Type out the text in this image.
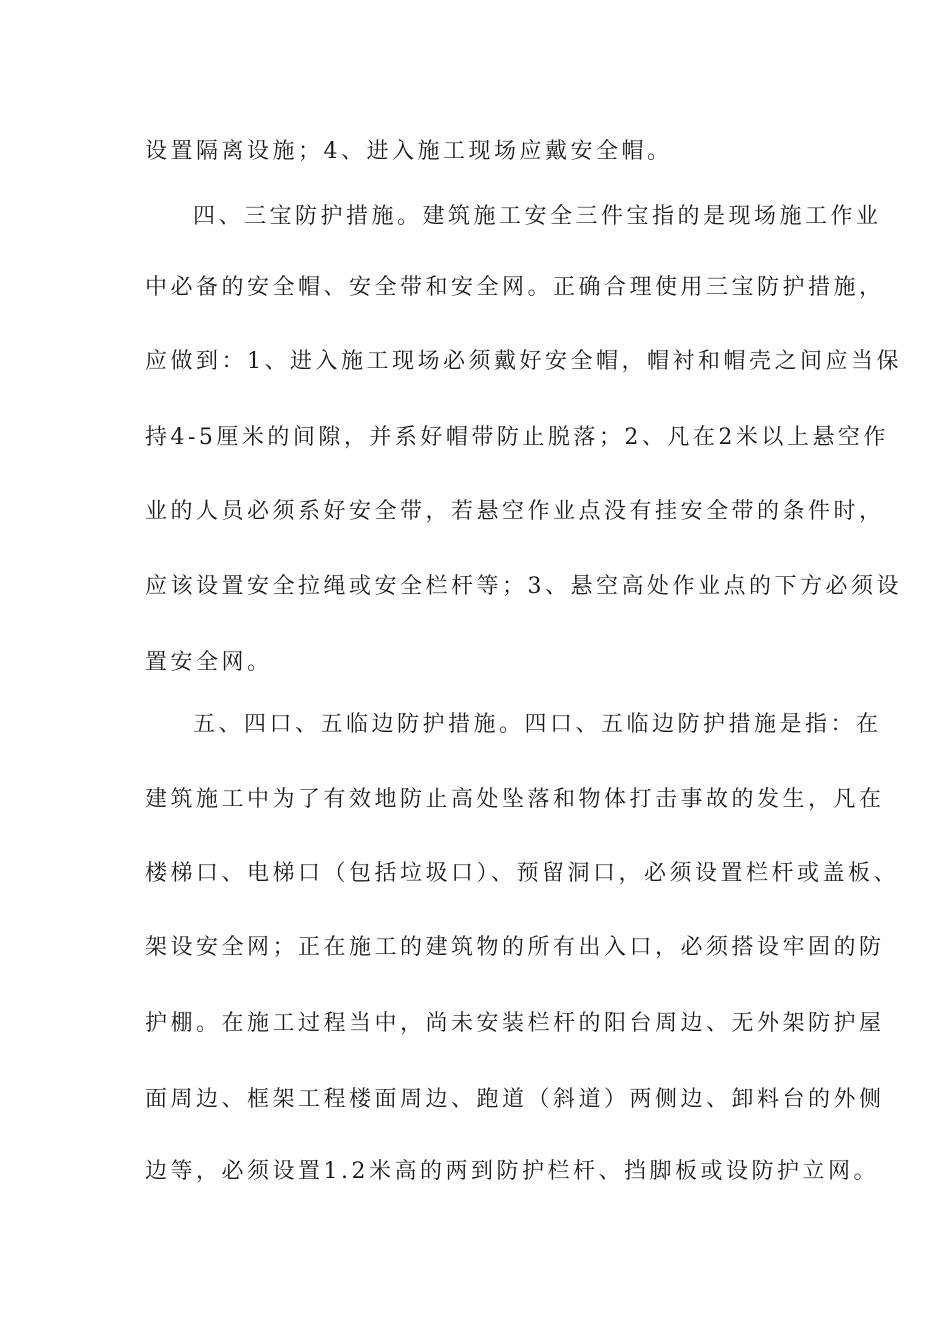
设置隔离设施；4、进入施工现场应戴安全帽。
四、三宝防护措施。建筑施工安全三件宝指的是现场施工作业
中必备的安全帽、安全带和安全网。正确合理使用三宝防护措施，
应做到：1、进入施工现场必须戴好安全帽，帽衬和帽壳之间应当保
持4-5厘米的间隙，并系好帽带防止脱落；2、凡在2米以上悬空作
业的人员必须系好安全带，若悬空作业点没有挂安全带的条件时，
应该设置安全拉绳或安全栏杆等；3、悬空高处作业点的下方必须设
置安全网。
五、四口、五临边防护措施。四口、五临边防护措施是指：在
建筑施工中为了有效地防止高处坠落和物体打击事故的发生，凡在
楼梯口、电梯口（包括垃圾口）、预留洞口，必须设置栏杆或盖板、
架设安全网；正在施工的建筑物的所有出入口，必须搭设牢固的防
护棚。在施工过程当中，尚未安装栏杆的阳台周边、无外架防护屋
面周边、框架工程楼面周边、跑道（斜道）两侧边、卸料台的外侧
边等，必须设置1.2米高的两到防护栏杆、挡脚板或设防护立网。
